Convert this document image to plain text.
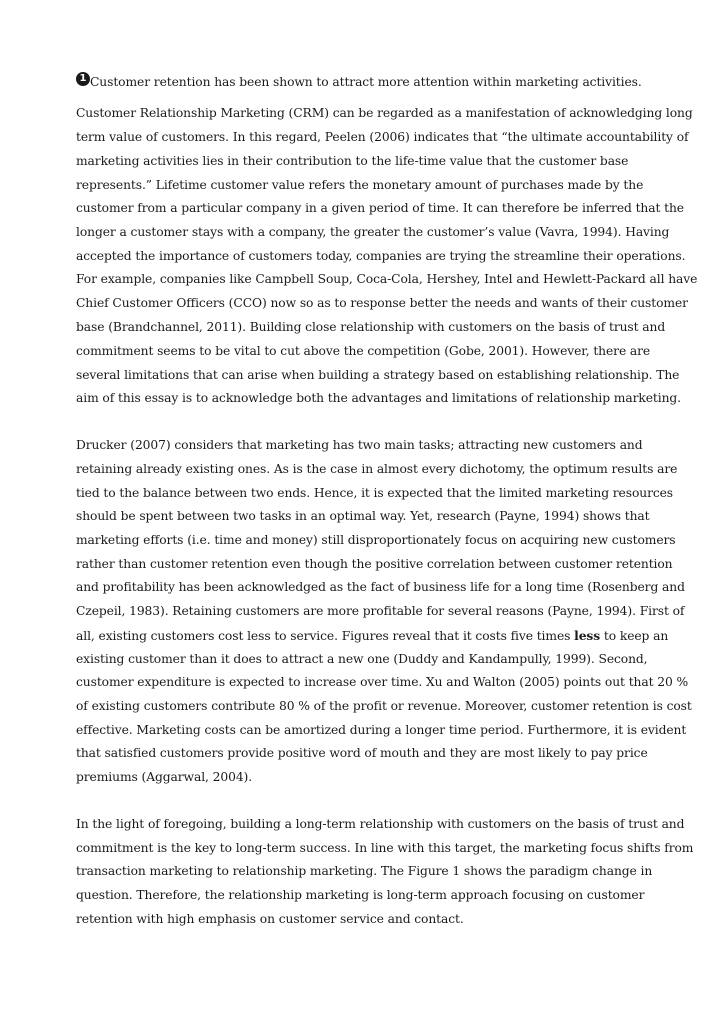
1 Customer retention has been shown to attract more attention within marketing activities.
Customer Relationship Marketing (CRM) can be regarded as a manifestation of acknowledging long
term value of customers. In this regard, Peelen (2006) indicates that “the ultimate accountability of
marketing activities lies in their contribution to the life-time value that the customer base
represents.” Lifetime customer value refers the monetary amount of purchases made by the
customer from a particular company in a given period of time. It can therefore be inferred that the
longer a customer stays with a company, the greater the customer’s value (Vavra, 1994). Having
accepted the importance of customers today, companies are trying the streamline their operations.
For example, companies like Campbell Soup, Coca-Cola, Hershey, Intel and Hewlett-Packard all have
Chief Customer Officers (CCO) now so as to response better the needs and wants of their customer
base (Brandchannel, 2011). Building close relationship with customers on the basis of trust and
commitment seems to be vital to cut above the competition (Gobe, 2001). However, there are
several limitations that can arise when building a strategy based on establishing relationship. The
aim of this essay is to acknowledge both the advantages and limitations of relationship marketing.
Drucker (2007) considers that marketing has two main tasks; attracting new customers and
retaining already existing ones. As is the case in almost every dichotomy, the optimum results are
tied to the balance between two ends. Hence, it is expected that the limited marketing resources
should be spent between two tasks in an optimal way. Yet, research (Payne, 1994) shows that
marketing efforts (i.e. time and money) still disproportionately focus on acquiring new customers
rather than customer retention even though the positive correlation between customer retention
and profitability has been acknowledged as the fact of business life for a long time (Rosenberg and
Czepeil, 1983). Retaining customers are more profitable for several reasons (Payne, 1994). First of
all, existing customers cost less to service. Figures reveal that it costs five times less to keep an
existing customer than it does to attract a new one (Duddy and Kandampully, 1999). Second,
customer expenditure is expected to increase over time. Xu and Walton (2005) points out that 20 %
of existing customers contribute 80 % of the profit or revenue. Moreover, customer retention is cost
effective. Marketing costs can be amortized during a longer time period. Furthermore, it is evident
that satisfied customers provide positive word of mouth and they are most likely to pay price
premiums (Aggarwal, 2004).
In the light of foregoing, building a long-term relationship with customers on the basis of trust and
commitment is the key to long-term success. In line with this target, the marketing focus shifts from
transaction marketing to relationship marketing. The Figure 1 shows the paradigm change in
question. Therefore, the relationship marketing is long-term approach focusing on customer
retention with high emphasis on customer service and contact.
